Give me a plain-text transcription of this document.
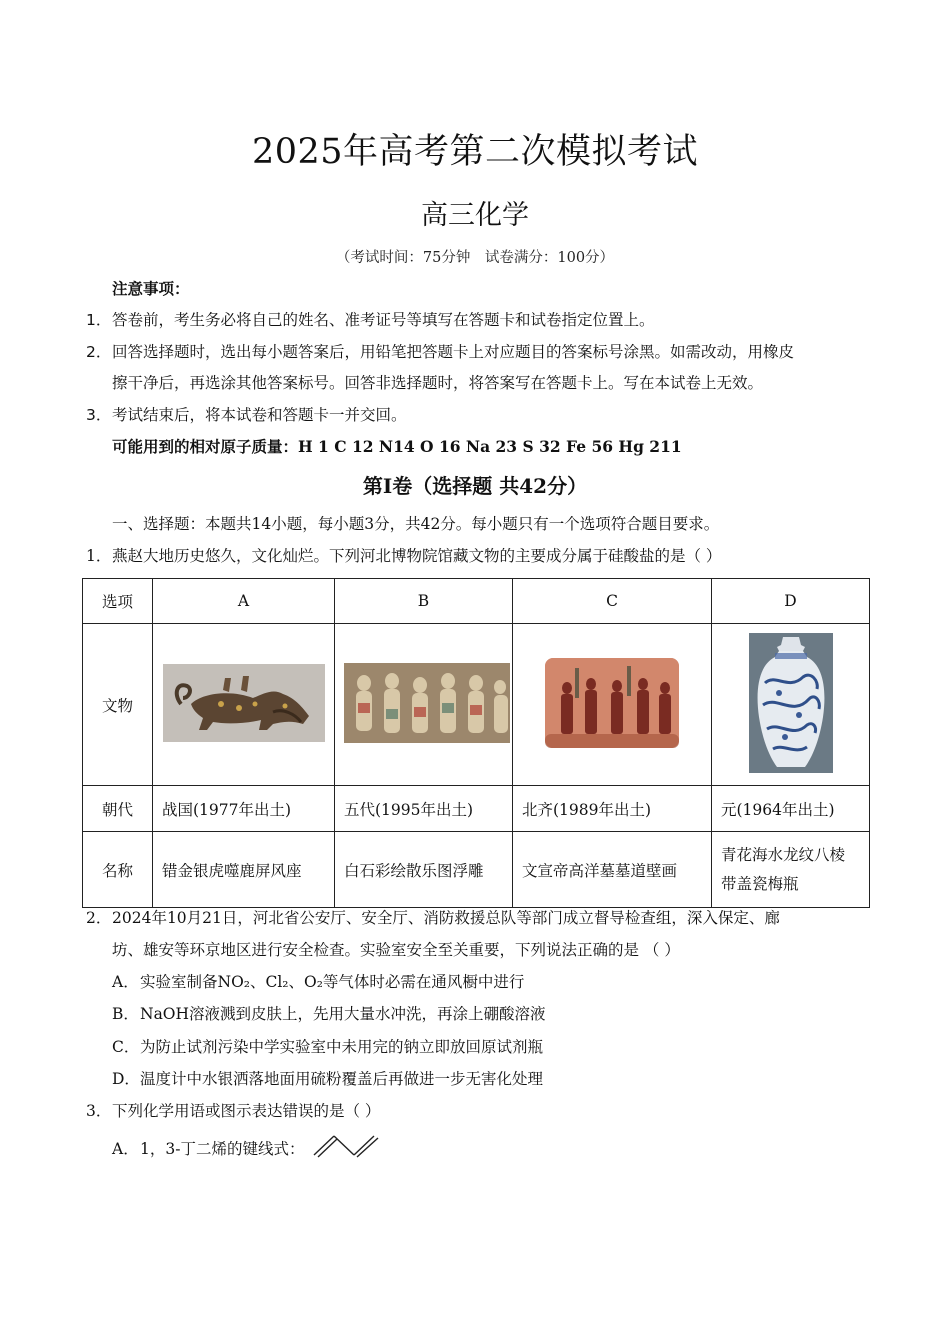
2025年高考第二次模拟考试
高三化学
（考试时间：75分钟　试卷满分：100分）
注意事项：
1．答卷前，考生务必将自己的姓名、准考证号等填写在答题卡和试卷指定位置上。
2．回答选择题时，选出每小题答案后，用铅笔把答题卡上对应题目的答案标号涂黑。如需改动，用橡皮
擦干净后，再选涂其他答案标号。回答非选择题时，将答案写在答题卡上。写在本试卷上无效。
3．考试结束后，将本试卷和答题卡一并交回。
可能用到的相对原子质量：H 1 C 12 N14 O 16 Na 23 S 32 Fe 56 Hg 211
第Ⅰ卷（选择题 共42分）
一、选择题：本题共14小题，每小题3分，共42分。每小题只有一个选项符合题目要求。
1．燕赵大地历史悠久，文化灿烂。下列河北博物院馆藏文物的主要成分属于硅酸盐的是（ ）
选项	A	B	C	D
文物				
朝代	战国(1977年出土)	五代(1995年出土)	北齐(1989年出土)	元(1964年出土)
名称	错金银虎噬鹿屏风座	白石彩绘散乐图浮雕	文宣帝高洋墓墓道壁画	青花海水龙纹八棱
带盖瓷梅瓶
2．2024年10月21日，河北省公安厅、安全厅、消防救援总队等部门成立督导检查组，深入保定、廊
坊、雄安等环京地区进行安全检查。实验室安全至关重要，下列说法正确的是 （ ）
A．实验室制备NO₂、Cl₂、O₂等气体时必需在通风橱中进行
B．NaOH溶液溅到皮肤上，先用大量水冲洗，再涂上硼酸溶液
C．为防止试剂污染中学实验室中未用完的钠立即放回原试剂瓶
D．温度计中水银洒落地面用硫粉覆盖后再做进一步无害化处理
3．下列化学用语或图示表达错误的是（ ）
A．1，3-丁二烯的键线式：
